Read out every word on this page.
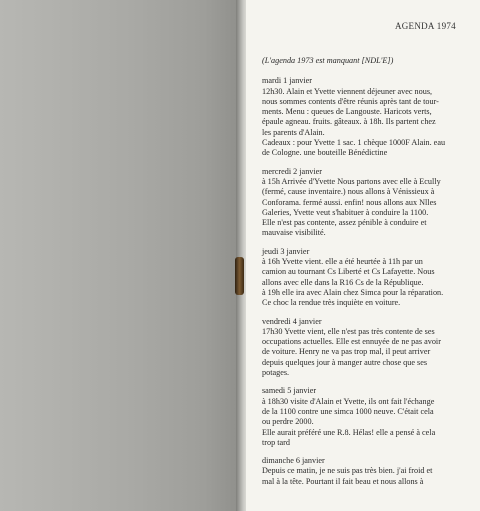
AGENDA 1974

(L'agenda 1973 est manquant [NDL'E])

mardi 1 janvier
12h30. Alain et Yvette viennent déjeuner avec nous,
nous sommes contents d'être réunis après tant de tour-
ments. Menu : queues de Langouste. Haricots verts,
épaule agneau. fruits. gâteaux. à 18h. Ils partent chez
les parents d'Alain.
Cadeaux : pour Yvette 1 sac. 1 chèque 1000F Alain. eau
de Cologne. une bouteille Bénédictine
mercredi 2 janvier
à 15h Arrivée d'Yvette Nous partons avec elle à Ecully
(fermé, cause inventaire.) nous allons à Vénissieux à
Conforama. fermé aussi. enfin! nous allons aux Nlles
Galeries, Yvette veut s'habituer à conduire la 1100.
Elle n'est pas contente, assez pénible à conduire et
mauvaise visibilité.
jeudi 3 janvier
à 16h Yvette vient. elle a été heurtée à 11h par un
camion au tournant Cs Liberté et Cs Lafayette. Nous
allons avec elle dans la R16 Cs de la République.
à 19h elle ira avec Alain chez Simca pour la réparation.
Ce choc la rendue très inquiète en voiture.
vendredi 4 janvier
17h30 Yvette vient, elle n'est pas très contente de ses
occupations actuelles. Elle est ennuyée de ne pas avoir
de voiture. Henry ne va pas trop mal, il peut arriver
depuis quelques jour à manger autre chose que ses
potages.
samedi 5 janvier
à 18h30 visite d'Alain et Yvette, ils ont fait l'échange
de la 1100 contre une simca 1000 neuve. C'était cela
ou perdre 2000.
Elle aurait préféré une R.8. Hélas! elle a pensé à cela
trop tard
dimanche 6 janvier
Depuis ce matin, je ne suis pas très bien. j'ai froid et
mal à la tête. Pourtant il fait beau et nous allons à
